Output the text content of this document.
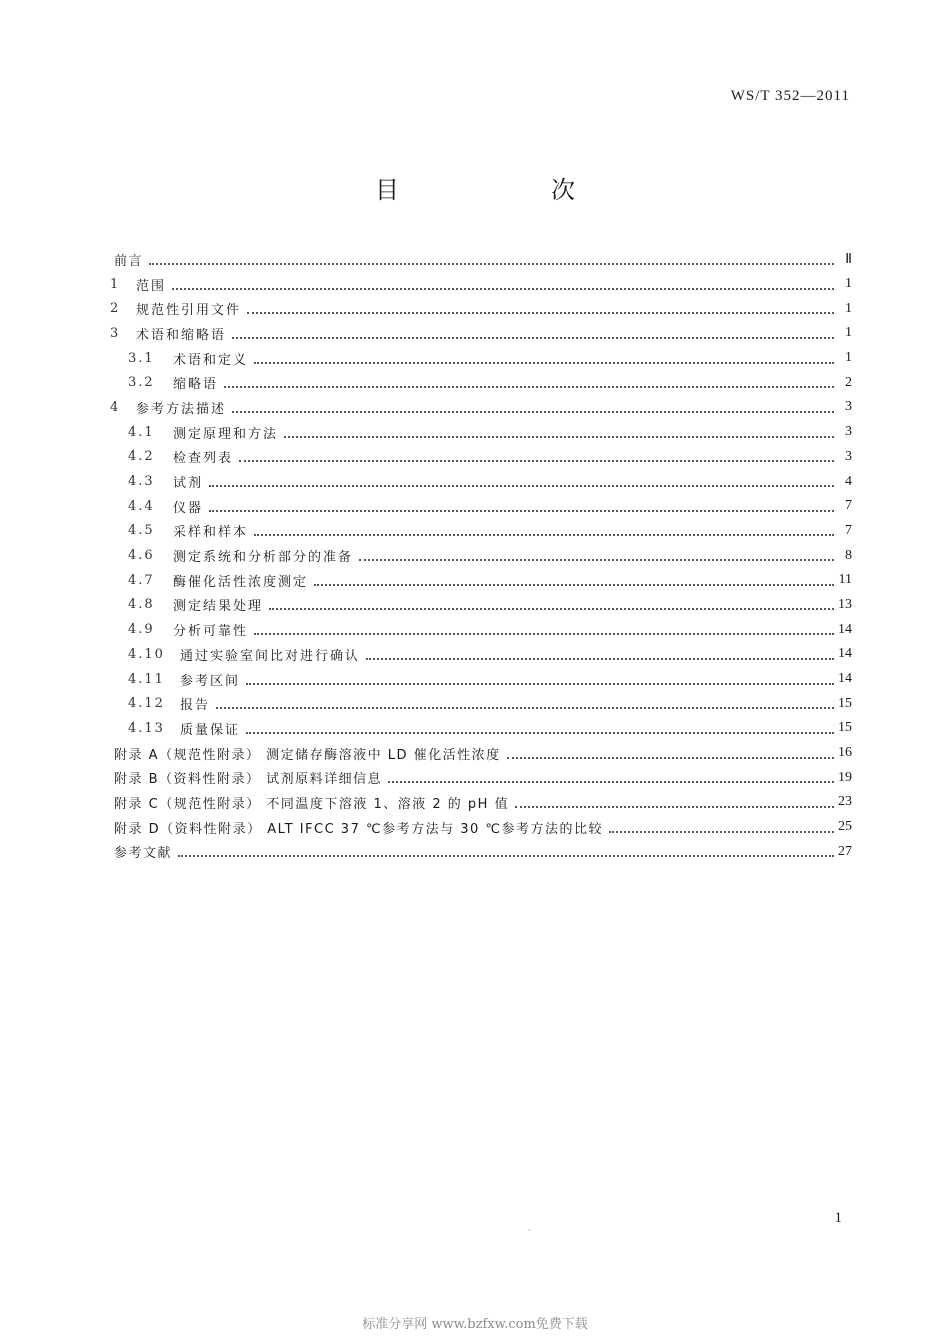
WS/T 352—2011
目　次
前言	Ⅱ
1	范围	1
2	规范性引用文件	1
3	术语和缩略语	1
3.1	术语和定义	1
3.2	缩略语	2
4	参考方法描述	3
4.1	测定原理和方法	3
4.2	检查列表	3
4.3	试剂	4
4.4	仪器	7
4.5	采样和样本	7
4.6	测定系统和分析部分的准备	8
4.7	酶催化活性浓度测定	11
4.8	测定结果处理	13
4.9	分析可靠性	14
4.10	通过实验室间比对进行确认	14
4.11	参考区间	14
4.12	报告	15
4.13	质量保证	15
附录 A（规范性附录） 测定储存酶溶液中 LD 催化活性浓度	16
附录 B（资料性附录） 试剂原料详细信息	19
附录 C（规范性附录） 不同温度下溶液 1、溶液 2 的 pH 值	23
附录 D（资料性附录） ALT IFCC 37 ℃参考方法与 30 ℃参考方法的比较	25
参考文献	27
1
˴
标准分享网 www.bzfxw.com免费下载
